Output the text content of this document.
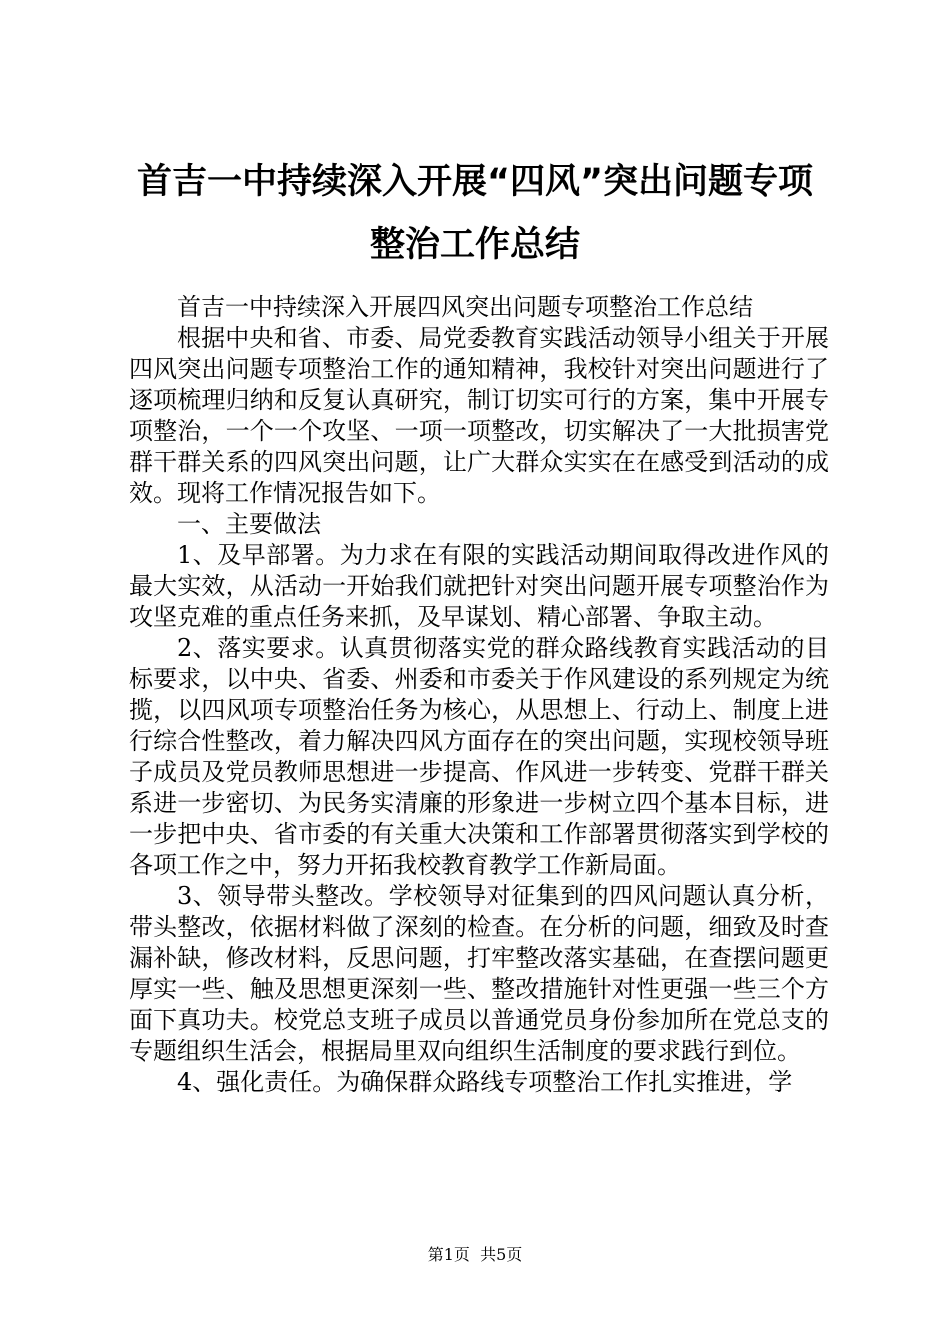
首吉一中持续深入开展“四风”突出问题专项
整治工作总结

首吉一中持续深入开展四风突出问题专项整治工作总结

根据中央和省、市委、局党委教育实践活动领导小组关于开展四风突出问题专项整治工作的通知精神，我校针对突出问题进行了逐项梳理归纳和反复认真研究，制订切实可行的方案，集中开展专项整治，一个一个攻坚、一项一项整改，切实解决了一大批损害党群干群关系的四风突出问题，让广大群众实实在在感受到活动的成效。现将工作情况报告如下。

一、主要做法

1、及早部署。为力求在有限的实践活动期间取得改进作风的最大实效，从活动一开始我们就把针对突出问题开展专项整治作为攻坚克难的重点任务来抓，及早谋划、精心部署、争取主动。

2、落实要求。认真贯彻落实党的群众路线教育实践活动的目标要求，以中央、省委、州委和市委关于作风建设的系列规定为统揽，以四风项专项整治任务为核心，从思想上、行动上、制度上进行综合性整改，着力解决四风方面存在的突出问题，实现校领导班子成员及党员教师思想进一步提高、作风进一步转变、党群干群关系进一步密切、为民务实清廉的形象进一步树立四个基本目标，进一步把中央、省市委的有关重大决策和工作部署贯彻落实到学校的各项工作之中，努力开拓我校教育教学工作新局面。

3、领导带头整改。学校领导对征集到的四风问题认真分析，带头整改，依据材料做了深刻的检查。在分析的问题，细致及时查漏补缺，修改材料，反思问题，打牢整改落实基础，在查摆问题更厚实一些、触及思想更深刻一些、整改措施针对性更强一些三个方面下真功夫。校党总支班子成员以普通党员身份参加所在党总支的专题组织生活会，根据局里双向组织生活制度的要求践行到位。

4、强化责任。为确保群众路线专项整治工作扎实推进，学

第1页 共5页
